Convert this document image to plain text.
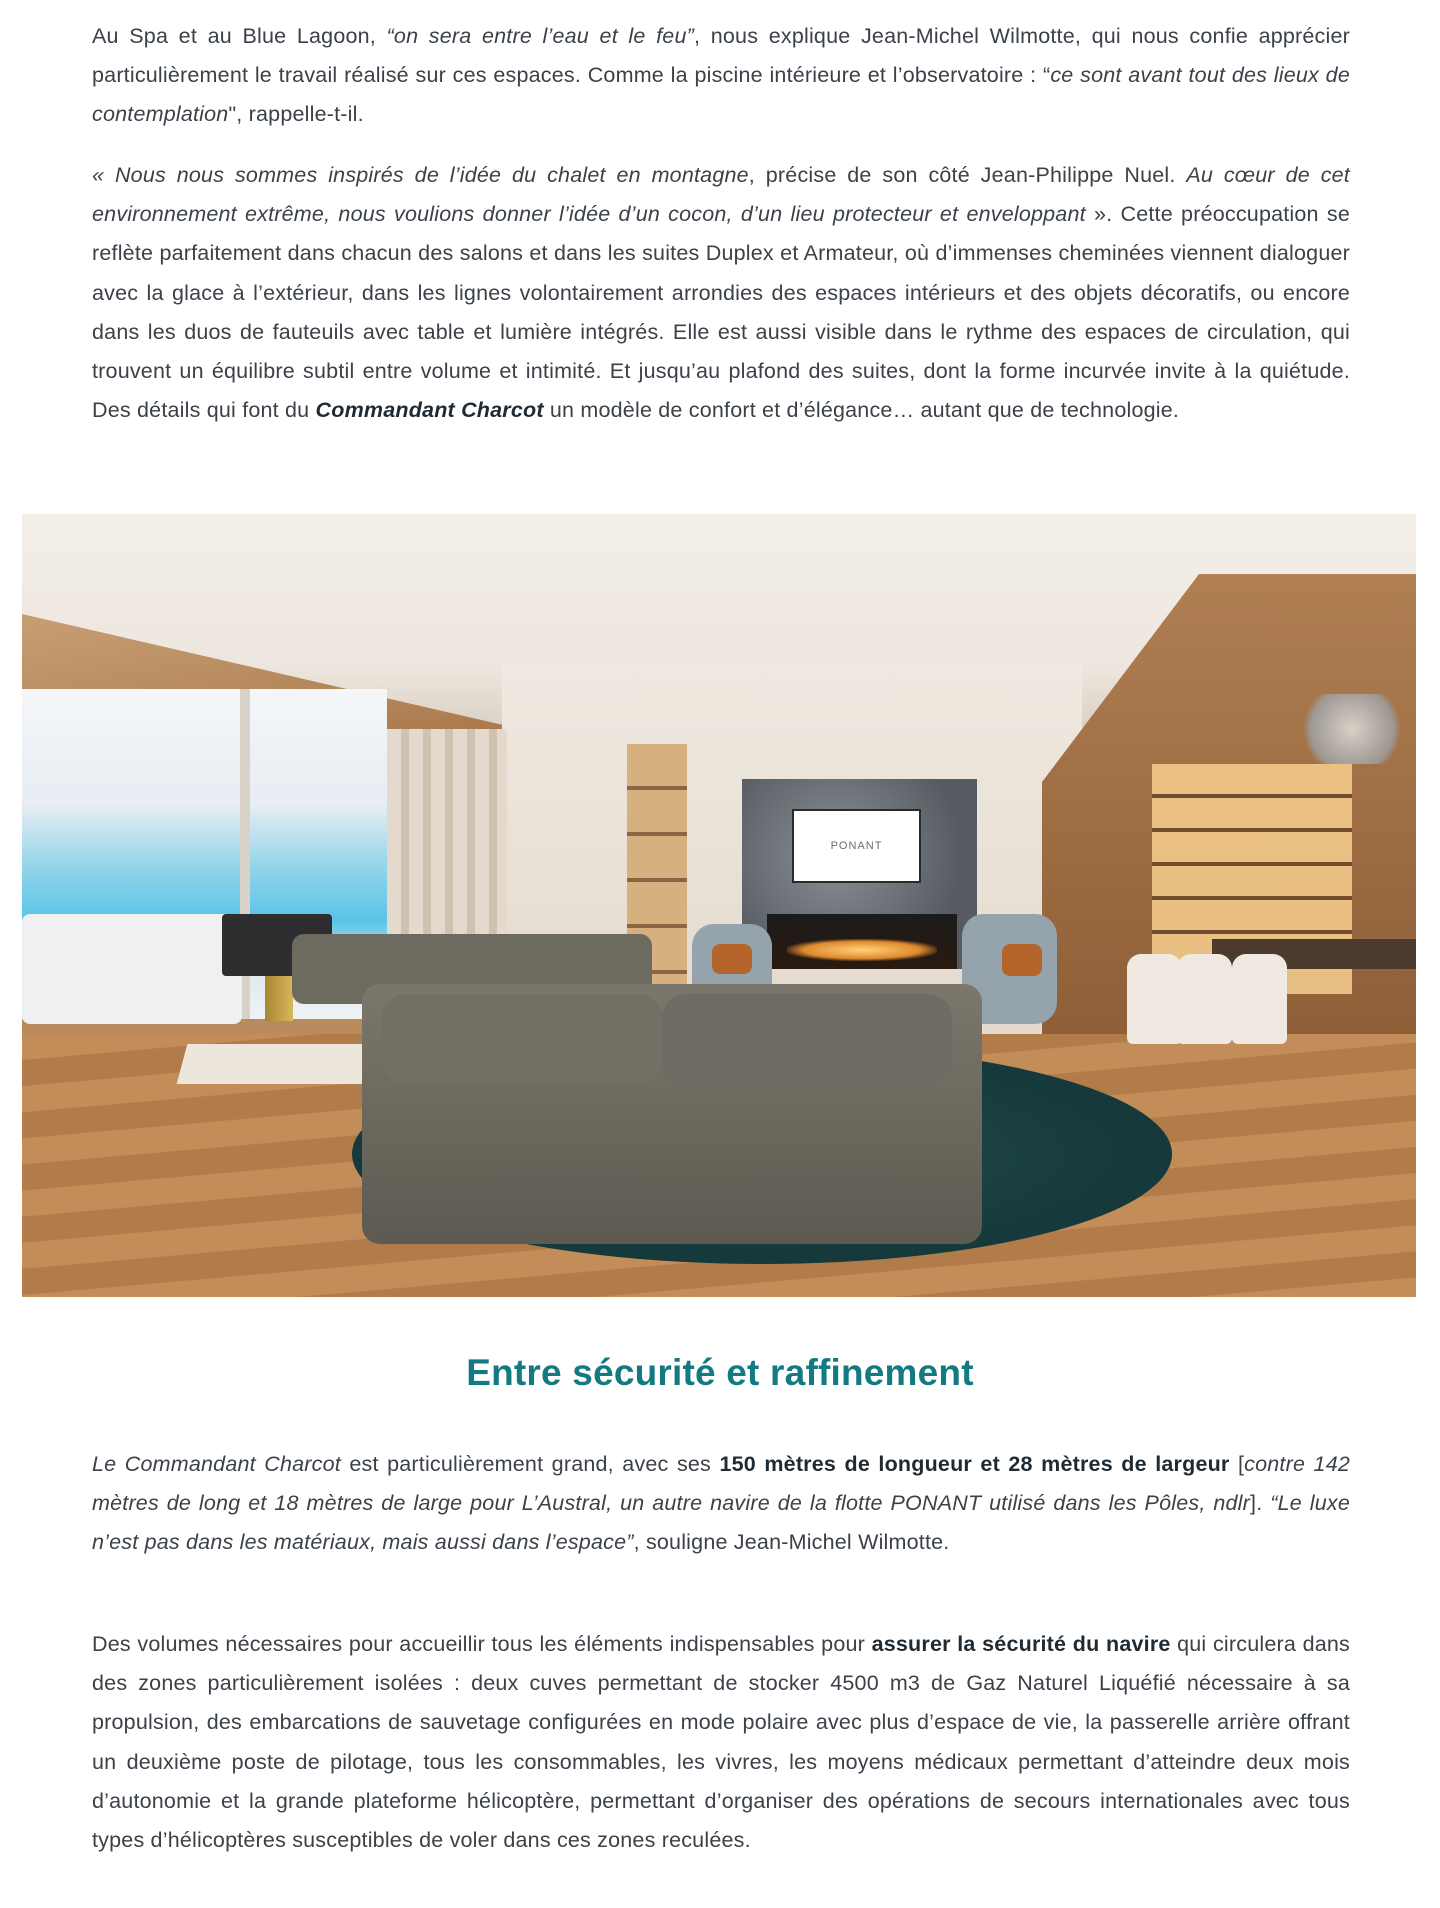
Au Spa et au Blue Lagoon, “on sera entre l’eau et le feu”, nous explique Jean-Michel Wilmotte, qui nous confie apprécier particulièrement le travail réalisé sur ces espaces. Comme la piscine intérieure et l’observatoire : “ce sont avant tout des lieux de contemplation", rappelle-t-il.

« Nous nous sommes inspirés de l’idée du chalet en montagne, précise de son côté Jean-Philippe Nuel. Au cœur de cet environnement extrême, nous voulions donner l’idée d’un cocon, d’un lieu protecteur et enveloppant ». Cette préoccupation se reflète parfaitement dans chacun des salons et dans les suites Duplex et Armateur, où d’immenses cheminées viennent dialoguer avec la glace à l’extérieur, dans les lignes volontairement arrondies des espaces intérieurs et des objets décoratifs, ou encore dans les duos de fauteuils avec table et lumière intégrés. Elle est aussi visible dans le rythme des espaces de circulation, qui trouvent un équilibre subtil entre volume et intimité. Et jusqu’au plafond des suites, dont la forme incurvée invite à la quiétude. Des détails qui font du Commandant Charcot un modèle de confort et d’élégance… autant que de technologie.

PONANT
Entre sécurité et raffinement

Le Commandant Charcot est particulièrement grand, avec ses 150 mètres de longueur et 28 mètres de largeur [contre 142 mètres de long et 18 mètres de large pour L’Austral, un autre navire de la flotte PONANT utilisé dans les Pôles, ndlr]. “Le luxe n’est pas dans les matériaux, mais aussi dans l’espace”, souligne Jean-Michel Wilmotte.

Des volumes nécessaires pour accueillir tous les éléments indispensables pour assurer la sécurité du navire qui circulera dans des zones particulièrement isolées : deux cuves permettant de stocker 4500 m3 de Gaz Naturel Liquéfié nécessaire à sa propulsion, des embarcations de sauvetage configurées en mode polaire avec plus d’espace de vie, la passerelle arrière offrant un deuxième poste de pilotage, tous les consommables, les vivres, les moyens médicaux permettant d’atteindre deux mois d’autonomie et la grande plateforme hélicoptère, permettant d’organiser des opérations de secours internationales avec tous types d’hélicoptères susceptibles de voler dans ces zones reculées.
